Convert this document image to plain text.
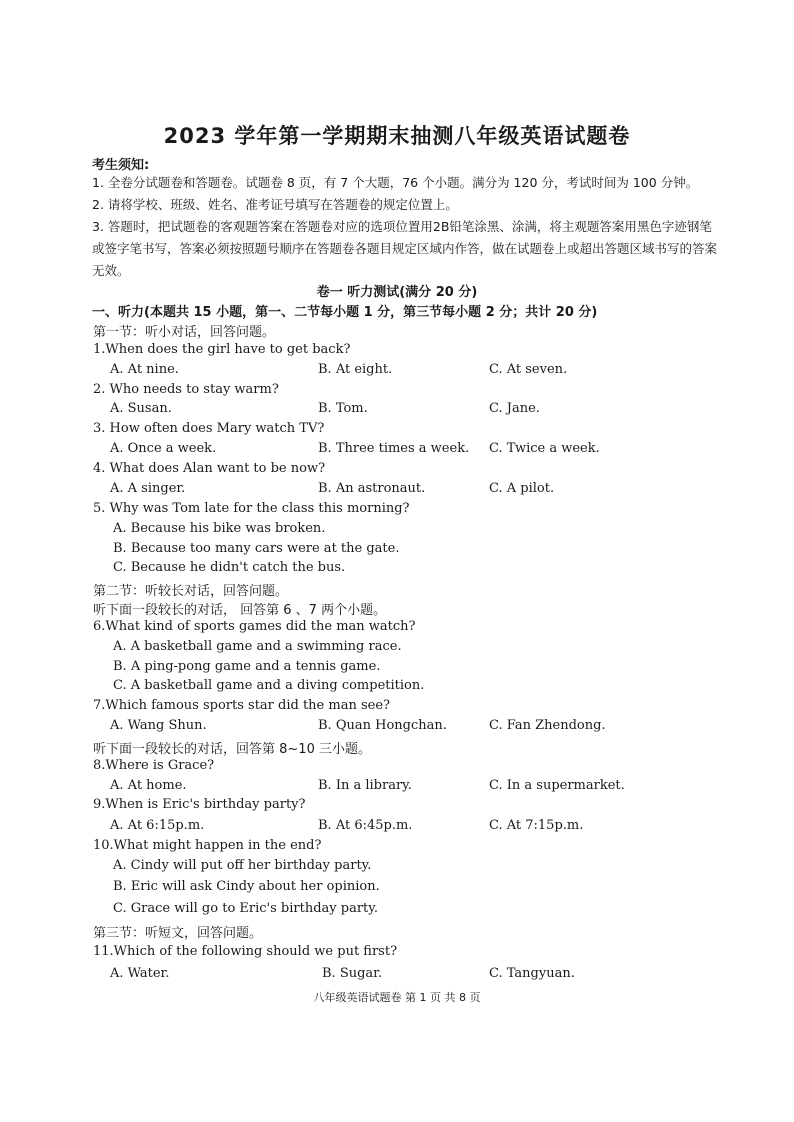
2023 学年第一学期期末抽测八年级英语试题卷
考生须知:
1. 全卷分试题卷和答题卷。试题卷 8 页，有 7 个大题，76 个小题。满分为 120 分，考试时间为 100 分钟。
2. 请将学校、班级、姓名、准考证号填写在答题卷的规定位置上。
3. 答题时，把试题卷的客观题答案在答题卷对应的选项位置用2B铅笔涂黑、涂满，将主观题答案用黑色字迹钢笔或签字笔书写，答案必须按照题号顺序在答题卷各题目规定区域内作答，做在试题卷上或超出答题区域书写的答案无效。
卷一 听力测试(满分 20 分)
一、听力(本题共 15 小题，第一、二节每小题 1 分，第三节每小题 2 分；共计 20 分)
第一节：听小对话，回答问题。
1.When does the girl have to get back?
A. At nine.	B. At eight.	C. At seven.
2. Who needs to stay warm?
A. Susan.	B. Tom.	C. Jane.
3. How often does Mary watch TV?
A. Once a week.	B. Three times a week. C. Twice a week.
4. What does Alan want to be now?
A. A singer.	B. An astronaut.	C. A pilot.
5. Why was Tom late for the class this morning?
A. Because his bike was broken.
B. Because too many cars were at the gate.
C. Because he didn't catch the bus.
第二节：听较长对话，回答问题。
听下面一段较长的对话， 回答第 6 、7 两个小题。
6.What kind of sports games did the man watch?
A. A basketball game and a swimming race.
B. A ping-pong game and a tennis game.
C. A basketball game and a diving competition.
7.Which famous sports star did the man see?
A. Wang Shun.	B. Quan Hongchan.	C. Fan Zhendong.
听下面一段较长的对话，回答第 8~10 三小题。
8.Where is Grace?
A. At home.	B. In a library.	C. In a supermarket.
9.When is Eric's birthday party?
A. At 6:15p.m.	B. At 6:45p.m.	C. At 7:15p.m.
10.What might happen in the end?
A. Cindy will put off her birthday party.
B. Eric will ask Cindy about her opinion.
C. Grace will go to Eric's birthday party.
第三节：听短文，回答问题。
11.Which of the following should we put first?
A. Water.	B. Sugar.	C. Tangyuan.
八年级英语试题卷 第 1 页 共 8 页
